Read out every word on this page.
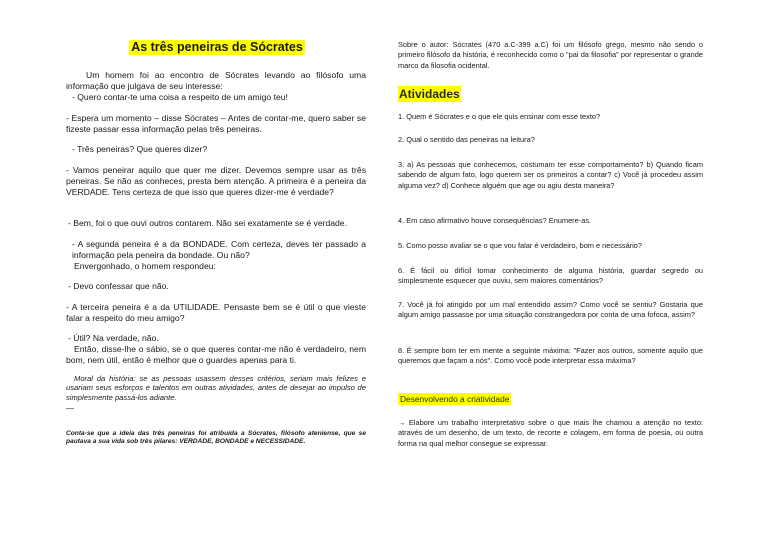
As três peneiras de Sócrates

Um homem foi ao encontro de Sócrates levando ao filósofo uma informação que julgava de seu interesse:

- Quero contar-te uma coisa a respeito de um amigo teu!

- Espera um momento – disse Sócrates – Antes de contar-me, quero saber se fizeste passar essa informação pelas três peneiras.

- Três peneiras? Que queres dizer?

- Vamos peneirar aquilo que quer me dizer. Devemos sempre usar as três peneiras. Se não as conheces, presta bem atenção. A primeira é a peneira da VERDADE. Tens certeza de que isso que queres dizer-me é verdade?

- Bem, foi o que ouvi outros contarem. Não sei exatamente se é verdade.

- A segunda peneira é a da BONDADE. Com certeza, deves ter passado a informação pela peneira da bondade. Ou não?

Envergonhado, o homem respondeu:

- Devo confessar que não.

- A terceira peneira é a da UTILIDADE. Pensaste bem se é útil o que vieste falar a respeito do meu amigo?

- Útil? Na verdade, não.

Então, disse-lhe o sábio, se o que queres contar-me não é verdadeiro, nem bom, nem útil, então é melhor que o guardes apenas para ti.

Moral da história: se as pessoas usassem desses critérios, seriam mais felizes e usariam seus esforços e talentos em outras atividades, antes de desejar ao impulso de simplesmente passá-los adiante.

—

Conta-se que a ideia das três peneiras foi atribuída a Sócrates, filósofo ateniense, que se pautava a sua vida sob três pilares: VERDADE, BONDADE e NECESSIDADE.

Sobre o autor: Sócrates (470 a.C-399 a.C) foi um filósofo grego, mesmo não sendo o primeiro filósofo da história, é reconhecido como o "pai da filosofia" por representar o grande marco da filosofia ocidental.

Atividades

1. Quem é Sócrates e o que ele quis ensinar com esse texto?

2. Qual o sentido das peneiras na leitura?

3. a) As pessoas que conhecemos, costumam ter esse comportamento? b) Quando ficam sabendo de algum fato, logo querem ser os primeiros a contar? c) Você já procedeu assim alguma vez? d) Conhece alguém que age ou agiu desta maneira?

4. Em caso afirmativo houve consequências? Enumere-as.

5. Como posso avaliar se o que vou falar é verdadeiro, bom e necessário?

6. É fácil ou difícil tomar conhecimento de alguma história, guardar segredo ou simplesmente esquecer que ouviu, sem maiores comentários?

7. Você já foi atingido por um mal entendido assim? Como você se sentiu? Gostaria que algum amigo passasse por uma situação constrangedora por conta de uma fofoca, assim?

8. É sempre bom ter em mente a seguinte máxima: "Fazer aos outros, somente aquilo que queremos que façam a nós". Como você pode interpretar essa máxima?

Desenvolvendo a criatividade

→ Elabore um trabalho interpretativo sobre o que mais lhe chamou a atenção no texto: através de um desenho, de um texto, de recorte e colagem, em forma de poesia, ou outra forma na qual melhor consegue se expressar.
